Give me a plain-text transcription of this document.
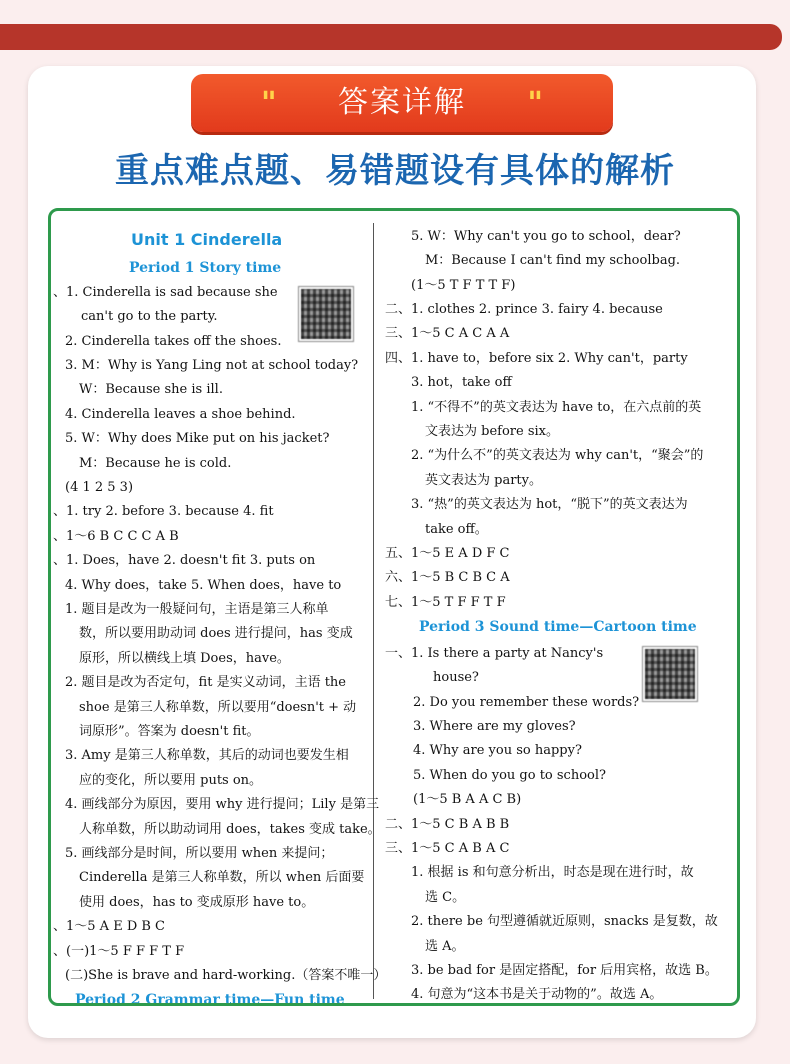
" 答案详解 "
重点难点题、易错题设有具体的解析
Unit 1 Cinderella
Period 1 Story time
、1. Cinderella is sad because she
can't go to the party.
2. Cinderella takes off the shoes.
3. M：Why is Yang Ling not at school today?
W：Because she is ill.
4. Cinderella leaves a shoe behind.
5. W：Why does Mike put on his jacket?
M：Because he is cold.
(4 1 2 5 3)
、1. try 2. before 3. because 4. fit
、1～6 B C C C A B
、1. Does，have 2. doesn't fit 3. puts on
4. Why does，take 5. When does，have to
1. 题目是改为一般疑问句，主语是第三人称单
数，所以要用助动词 does 进行提问，has 变成
原形，所以横线上填 Does，have。
2. 题目是改为否定句，fit 是实义动词，主语 the
shoe 是第三人称单数，所以要用“doesn't + 动
词原形”。答案为 doesn't fit。
3. Amy 是第三人称单数，其后的动词也要发生相
应的变化，所以要用 puts on。
4. 画线部分为原因，要用 why 进行提问；Lily 是第三
人称单数，所以助动词用 does，takes 变成 take。
5. 画线部分是时间，所以要用 when 来提问；
Cinderella 是第三人称单数，所以 when 后面要
使用 does，has to 变成原形 have to。
、1～5 A E D B C
、(一)1～5 F F F T F
(二)She is brave and hard-working.（答案不唯一）
Period 2 Grammar time—Fun time
5. W：Why can't you go to school，dear?
M：Because I can't find my schoolbag.
(1～5 T F T T F)
二、1. clothes 2. prince 3. fairy 4. because
三、1～5 C A C A A
四、1. have to，before six 2. Why can't，party
3. hot，take off
1. “不得不”的英文表达为 have to，在六点前的英
文表达为 before six。
2. “为什么不”的英文表达为 why can't，“聚会”的
英文表达为 party。
3. “热”的英文表达为 hot，“脱下”的英文表达为
take off。
五、1～5 E A D F C
六、1～5 B C B C A
七、1～5 T F F T F
Period 3 Sound time—Cartoon time
一、1. Is there a party at Nancy's
house?
2. Do you remember these words?
3. Where are my gloves?
4. Why are you so happy?
5. When do you go to school?
(1～5 B A A C B)
二、1～5 C B A B B
三、1～5 C A B A C
1. 根据 is 和句意分析出，时态是现在进行时，故
选 C。
2. there be 句型遵循就近原则，snacks 是复数，故
选 A。
3. be bad for 是固定搭配，for 后用宾格，故选 B。
4. 句意为“这本书是关于动物的”。故选 A。
